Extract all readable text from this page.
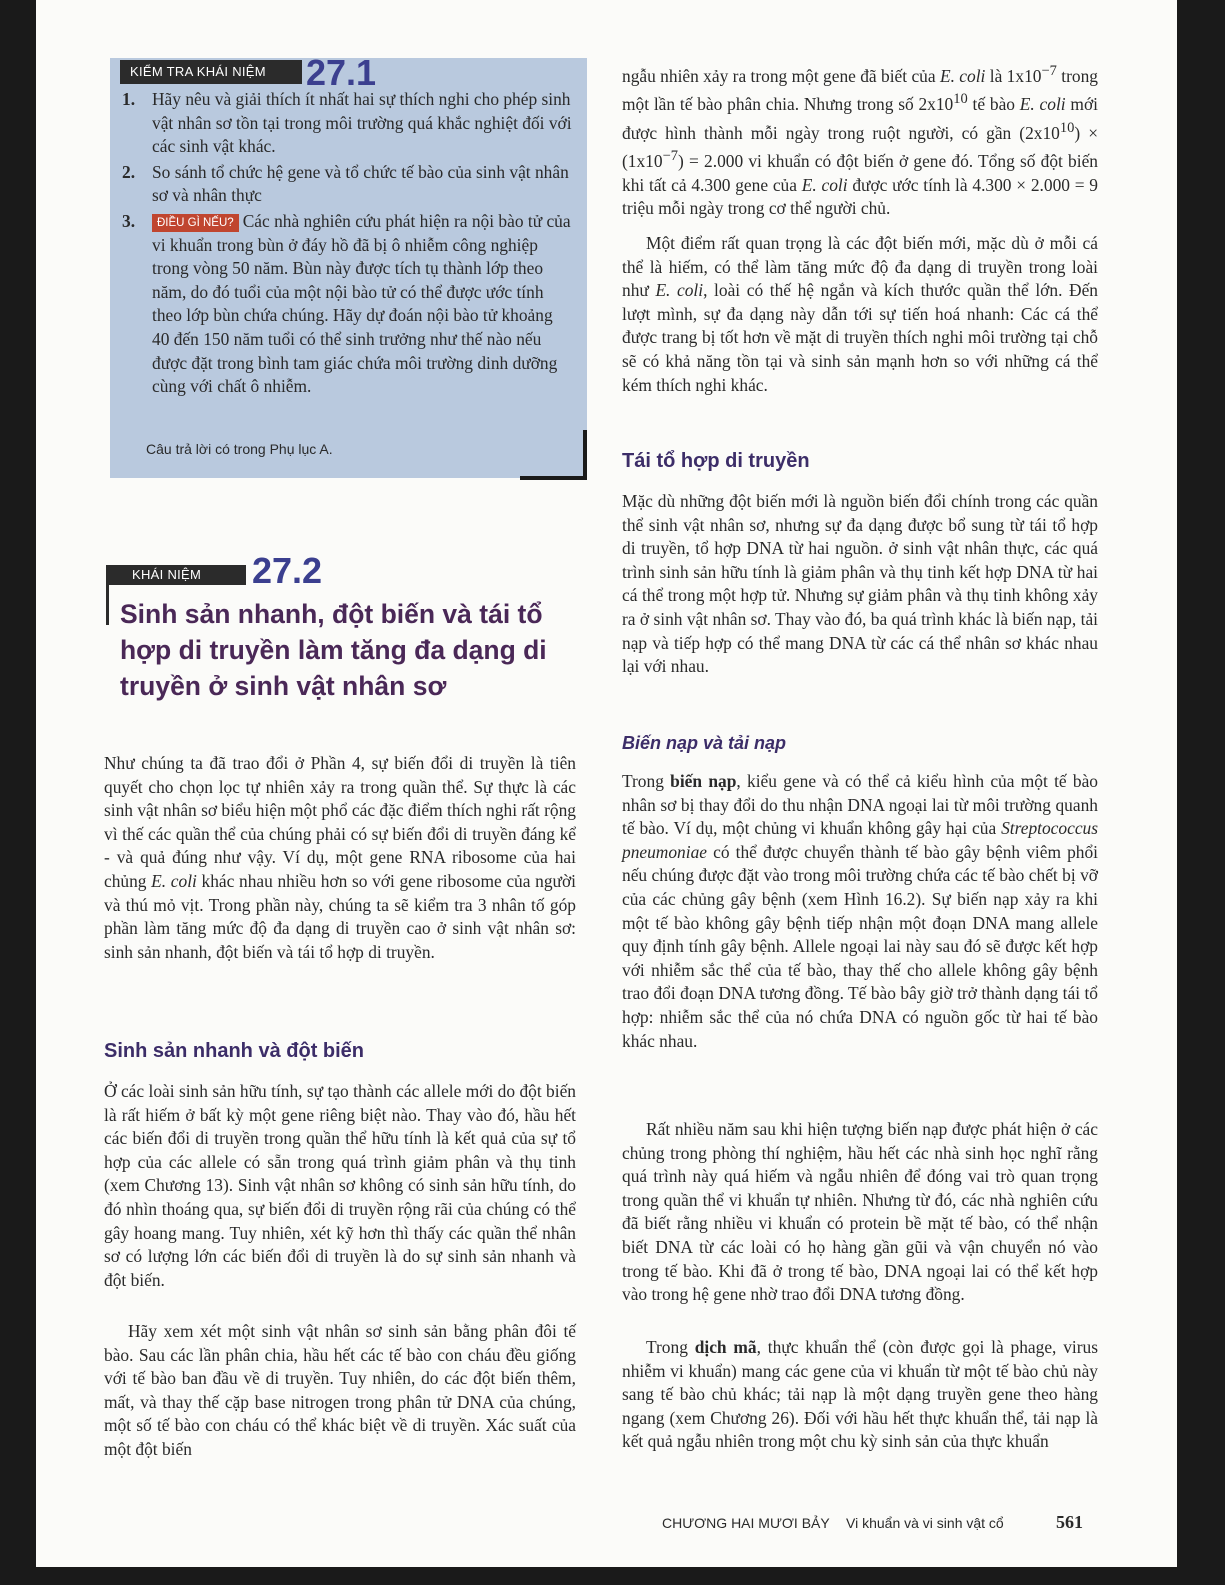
KIỂM TRA KHÁI NIỆM	27.1
1. Hãy nêu và giải thích ít nhất hai sự thích nghi cho phép sinh vật nhân sơ tồn tại trong môi trường quá khắc nghiệt đối với các sinh vật khác.
2. So sánh tổ chức hệ gene và tổ chức tế bào của sinh vật nhân sơ và nhân thực
3. ĐIỀU GÌ NẾU? Các nhà nghiên cứu phát hiện ra nội bào tử của vi khuẩn trong bùn ở đáy hồ đã bị ô nhiễm công nghiệp trong vòng 50 năm. Bùn này được tích tụ thành lớp theo năm, do đó tuổi của một nội bào tử có thể được ước tính theo lớp bùn chứa chúng. Hãy dự đoán nội bào tử khoảng 40 đến 150 năm tuổi có thể sinh trưởng như thế nào nếu được đặt trong bình tam giác chứa môi trường dinh dưỡng cùng với chất ô nhiễm.
Câu trả lời có trong Phụ lục A.
KHÁI NIỆM 27.2
Sinh sản nhanh, đột biến và tái tổ hợp di truyền làm tăng đa dạng di truyền ở sinh vật nhân sơ

Như chúng ta đã trao đổi ở Phần 4, sự biến đổi di truyền là tiên quyết cho chọn lọc tự nhiên xảy ra trong quần thể. Sự thực là các sinh vật nhân sơ biểu hiện một phổ các đặc điểm thích nghi rất rộng vì thế các quần thể của chúng phải có sự biến đổi di truyền đáng kể - và quả đúng như vậy. Ví dụ, một gene RNA ribosome của hai chủng E. coli khác nhau nhiều hơn so với gene ribosome của người và thú mỏ vịt. Trong phần này, chúng ta sẽ kiểm tra 3 nhân tố góp phần làm tăng mức độ đa dạng di truyền cao ở sinh vật nhân sơ: sinh sản nhanh, đột biến và tái tổ hợp di truyền.

Sinh sản nhanh và đột biến

Ở các loài sinh sản hữu tính, sự tạo thành các allele mới do đột biến là rất hiếm ở bất kỳ một gene riêng biệt nào. Thay vào đó, hầu hết các biến đổi di truyền trong quần thể hữu tính là kết quả của sự tổ hợp của các allele có sẵn trong quá trình giảm phân và thụ tinh (xem Chương 13). Sinh vật nhân sơ không có sinh sản hữu tính, do đó nhìn thoáng qua, sự biến đổi di truyền rộng rãi của chúng có thể gây hoang mang. Tuy nhiên, xét kỹ hơn thì thấy các quần thể nhân sơ có lượng lớn các biến đổi di truyền là do sự sinh sản nhanh và đột biến.

Hãy xem xét một sinh vật nhân sơ sinh sản bằng phân đôi tế bào. Sau các lần phân chia, hầu hết các tế bào con cháu đều giống với tế bào ban đầu về di truyền. Tuy nhiên, do các đột biến thêm, mất, và thay thế cặp base nitrogen trong phân tử DNA của chúng, một số tế bào con cháu có thể khác biệt về di truyền. Xác suất của một đột biến

ngẫu nhiên xảy ra trong một gene đã biết của E. coli là $1x10^{-7}$ trong một lần tế bào phân chia. Nhưng trong số $2x10^{10}$ tế bào E. coli mới được hình thành mỗi ngày trong ruột người, có gần $(2x10^{10}) \times (1x10^{-7}) = 2.000$ vi khuẩn có đột biến ở gene đó. Tổng số đột biến khi tất cả 4.300 gene của E. coli được ước tính là 4.300 × 2.000 = 9 triệu mỗi ngày trong cơ thể người chủ.

Một điểm rất quan trọng là các đột biến mới, mặc dù ở mỗi cá thể là hiếm, có thể làm tăng mức độ đa dạng di truyền trong loài như E. coli, loài có thế hệ ngắn và kích thước quần thể lớn. Đến lượt mình, sự đa dạng này dẫn tới sự tiến hoá nhanh: Các cá thể được trang bị tốt hơn về mặt di truyền thích nghi môi trường tại chỗ sẽ có khả năng tồn tại và sinh sản mạnh hơn so với những cá thể kém thích nghi khác.

Tái tổ hợp di truyền

Mặc dù những đột biến mới là nguồn biến đổi chính trong các quần thể sinh vật nhân sơ, nhưng sự đa dạng được bổ sung từ tái tổ hợp di truyền, tổ hợp DNA từ hai nguồn. ở sinh vật nhân thực, các quá trình sinh sản hữu tính là giảm phân và thụ tinh kết hợp DNA từ hai cá thể trong một hợp tử. Nhưng sự giảm phân và thụ tinh không xảy ra ở sinh vật nhân sơ. Thay vào đó, ba quá trình khác là biến nạp, tải nạp và tiếp hợp có thể mang DNA từ các cá thể nhân sơ khác nhau lại với nhau.

Biến nạp và tải nạp

Trong biến nạp, kiểu gene và có thể cả kiểu hình của một tế bào nhân sơ bị thay đổi do thu nhận DNA ngoại lai từ môi trường quanh tế bào. Ví dụ, một chủng vi khuẩn không gây hại của Streptococcus pneumoniae có thể được chuyển thành tế bào gây bệnh viêm phổi nếu chúng được đặt vào trong môi trường chứa các tế bào chết bị vỡ của các chủng gây bệnh (xem Hình 16.2). Sự biến nạp xảy ra khi một tế bào không gây bệnh tiếp nhận một đoạn DNA mang allele quy định tính gây bệnh. Allele ngoại lai này sau đó sẽ được kết hợp với nhiễm sắc thể của tế bào, thay thế cho allele không gây bệnh trao đổi đoạn DNA tương đồng. Tế bào bây giờ trở thành dạng tái tổ hợp: nhiễm sắc thể của nó chứa DNA có nguồn gốc từ hai tế bào khác nhau.

Rất nhiều năm sau khi hiện tượng biến nạp được phát hiện ở các chủng trong phòng thí nghiệm, hầu hết các nhà sinh học nghĩ rằng quá trình này quá hiếm và ngẫu nhiên để đóng vai trò quan trọng trong quần thể vi khuẩn tự nhiên. Nhưng từ đó, các nhà nghiên cứu đã biết rằng nhiều vi khuẩn có protein bề mặt tế bào, có thể nhận biết DNA từ các loài có họ hàng gần gũi và vận chuyển nó vào trong tế bào. Khi đã ở trong tế bào, DNA ngoại lai có thể kết hợp vào trong hệ gene nhờ trao đổi DNA tương đồng.

Trong dịch mã, thực khuẩn thể (còn được gọi là phage, virus nhiễm vi khuẩn) mang các gene của vi khuẩn từ một tế bào chủ này sang tế bào chủ khác; tải nạp là một dạng truyền gene theo hàng ngang (xem Chương 26). Đối với hầu hết thực khuẩn thể, tải nạp là kết quả ngẫu nhiên trong một chu kỳ sinh sản của thực khuẩn

CHƯƠNG HAI MƯƠI BẢY Vi khuẩn và vi sinh vật cổ	561
